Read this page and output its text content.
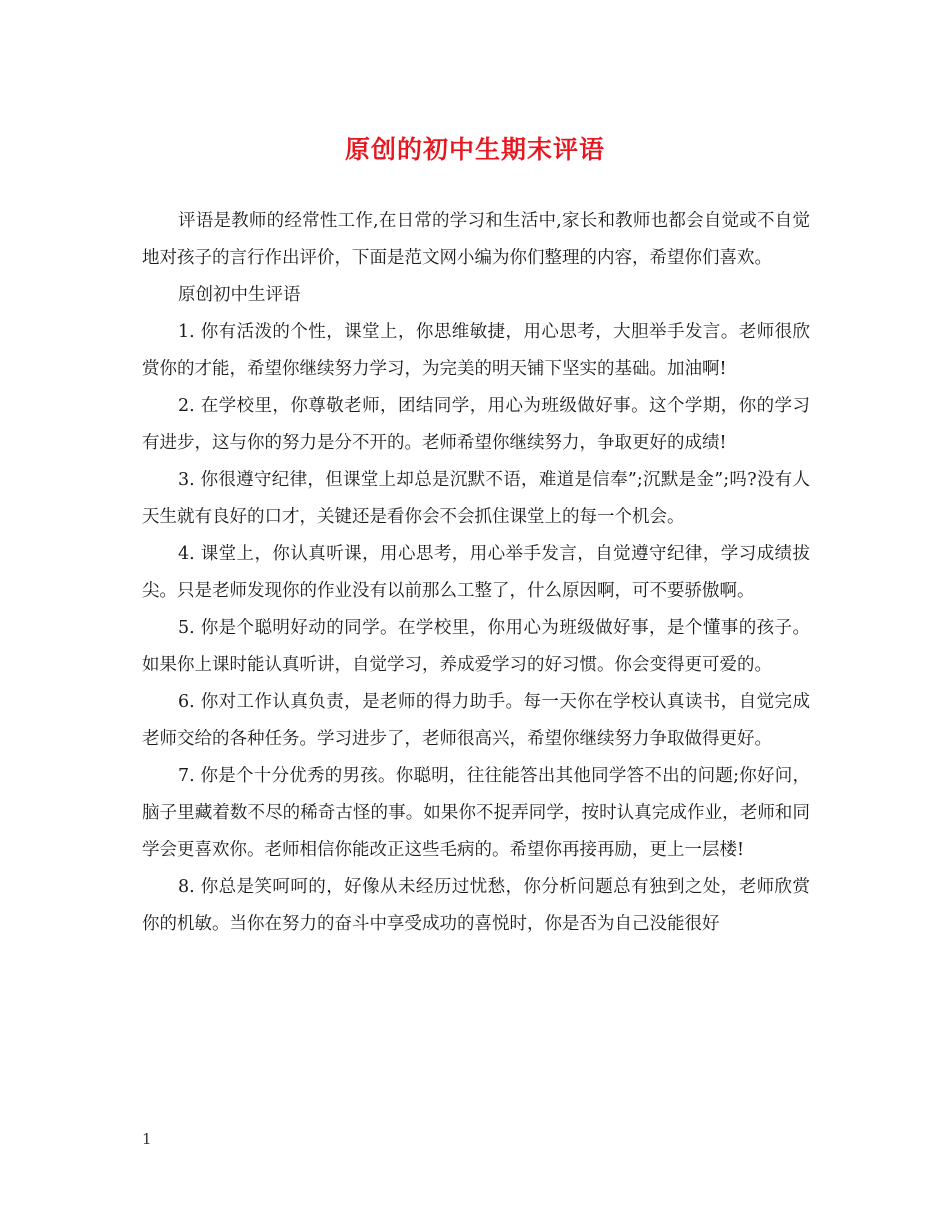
原创的初中生期末评语

评语是教师的经常性工作,在日常的学习和生活中,家长和教师也都会自觉或不自觉地对孩子的言行作出评价，下面是范文网小编为你们整理的内容，希望你们喜欢。

原创初中生评语

1. 你有活泼的个性，课堂上，你思维敏捷，用心思考，大胆举手发言。老师很欣赏你的才能，希望你继续努力学习，为完美的明天铺下坚实的基础。加油啊!

2. 在学校里，你尊敬老师，团结同学，用心为班级做好事。这个学期，你的学习有进步，这与你的努力是分不开的。老师希望你继续努力，争取更好的成绩!

3. 你很遵守纪律，但课堂上却总是沉默不语，难道是信奉”;沉默是金”;吗?没有人天生就有良好的口才，关键还是看你会不会抓住课堂上的每一个机会。

4. 课堂上，你认真听课，用心思考，用心举手发言，自觉遵守纪律，学习成绩拔尖。只是老师发现你的作业没有以前那么工整了，什么原因啊，可不要骄傲啊。

5. 你是个聪明好动的同学。在学校里，你用心为班级做好事，是个懂事的孩子。如果你上课时能认真听讲，自觉学习，养成爱学习的好习惯。你会变得更可爱的。

6. 你对工作认真负责，是老师的得力助手。每一天你在学校认真读书，自觉完成老师交给的各种任务。学习进步了，老师很高兴，希望你继续努力争取做得更好。

7. 你是个十分优秀的男孩。你聪明，往往能答出其他同学答不出的问题;你好问，脑子里藏着数不尽的稀奇古怪的事。如果你不捉弄同学，按时认真完成作业，老师和同学会更喜欢你。老师相信你能改正这些毛病的。希望你再接再励，更上一层楼!

8. 你总是笑呵呵的，好像从未经历过忧愁，你分析问题总有独到之处，老师欣赏你的机敏。当你在努力的奋斗中享受成功的喜悦时，你是否为自己没能很好

1
